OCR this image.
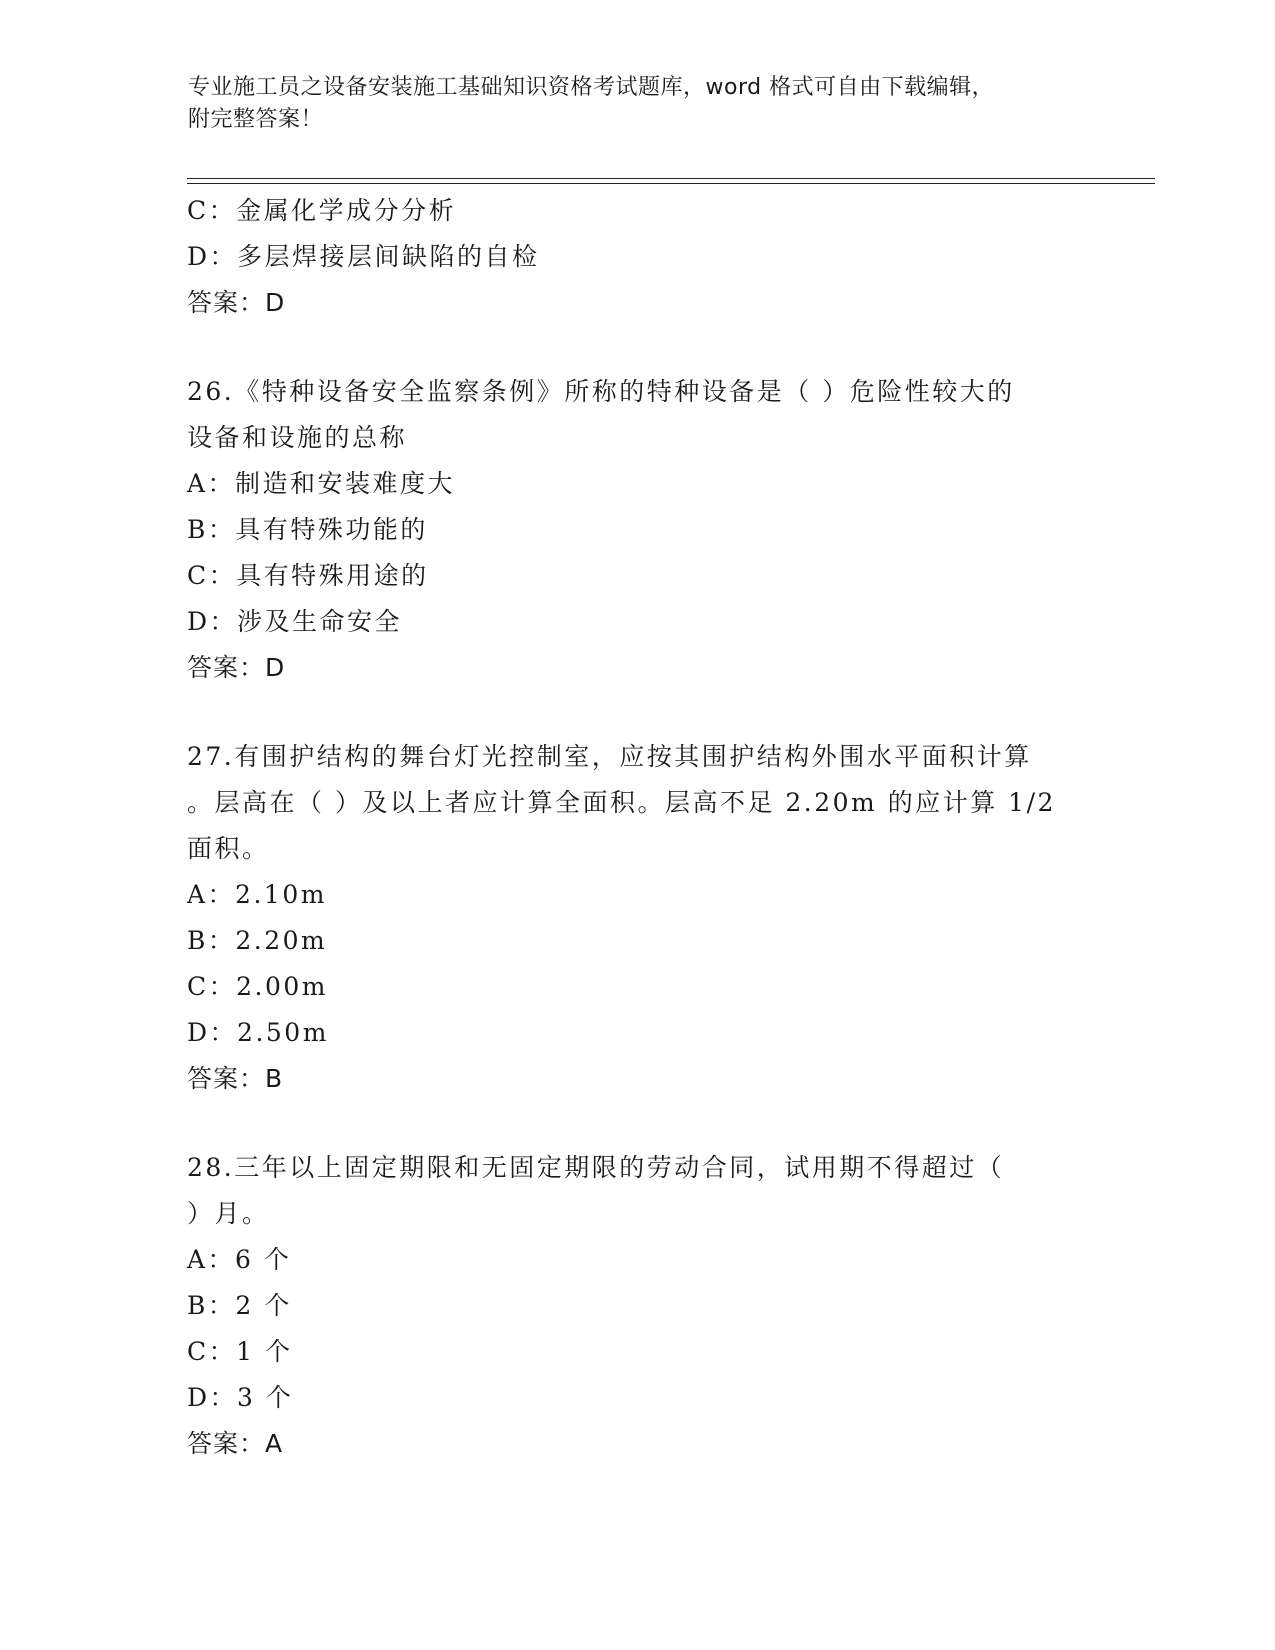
专业施工员之设备安装施工基础知识资格考试题库，word 格式可自由下载编辑，
附完整答案！
C：金属化学成分分析
D：多层焊接层间缺陷的自检
答案：D
26.《特种设备安全监察条例》所称的特种设备是（ ）危险性较大的
设备和设施的总称
A：制造和安装难度大
B：具有特殊功能的
C：具有特殊用途的
D：涉及生命安全
答案：D
27.有围护结构的舞台灯光控制室，应按其围护结构外围水平面积计算
。层高在（ ）及以上者应计算全面积。层高不足 2.20m 的应计算 1/2
面积。
A：2.10m
B：2.20m
C：2.00m
D：2.50m
答案：B
28.三年以上固定期限和无固定期限的劳动合同，试用期不得超过（
）月。
A：6 个
B：2 个
C：1 个
D：3 个
答案：A
